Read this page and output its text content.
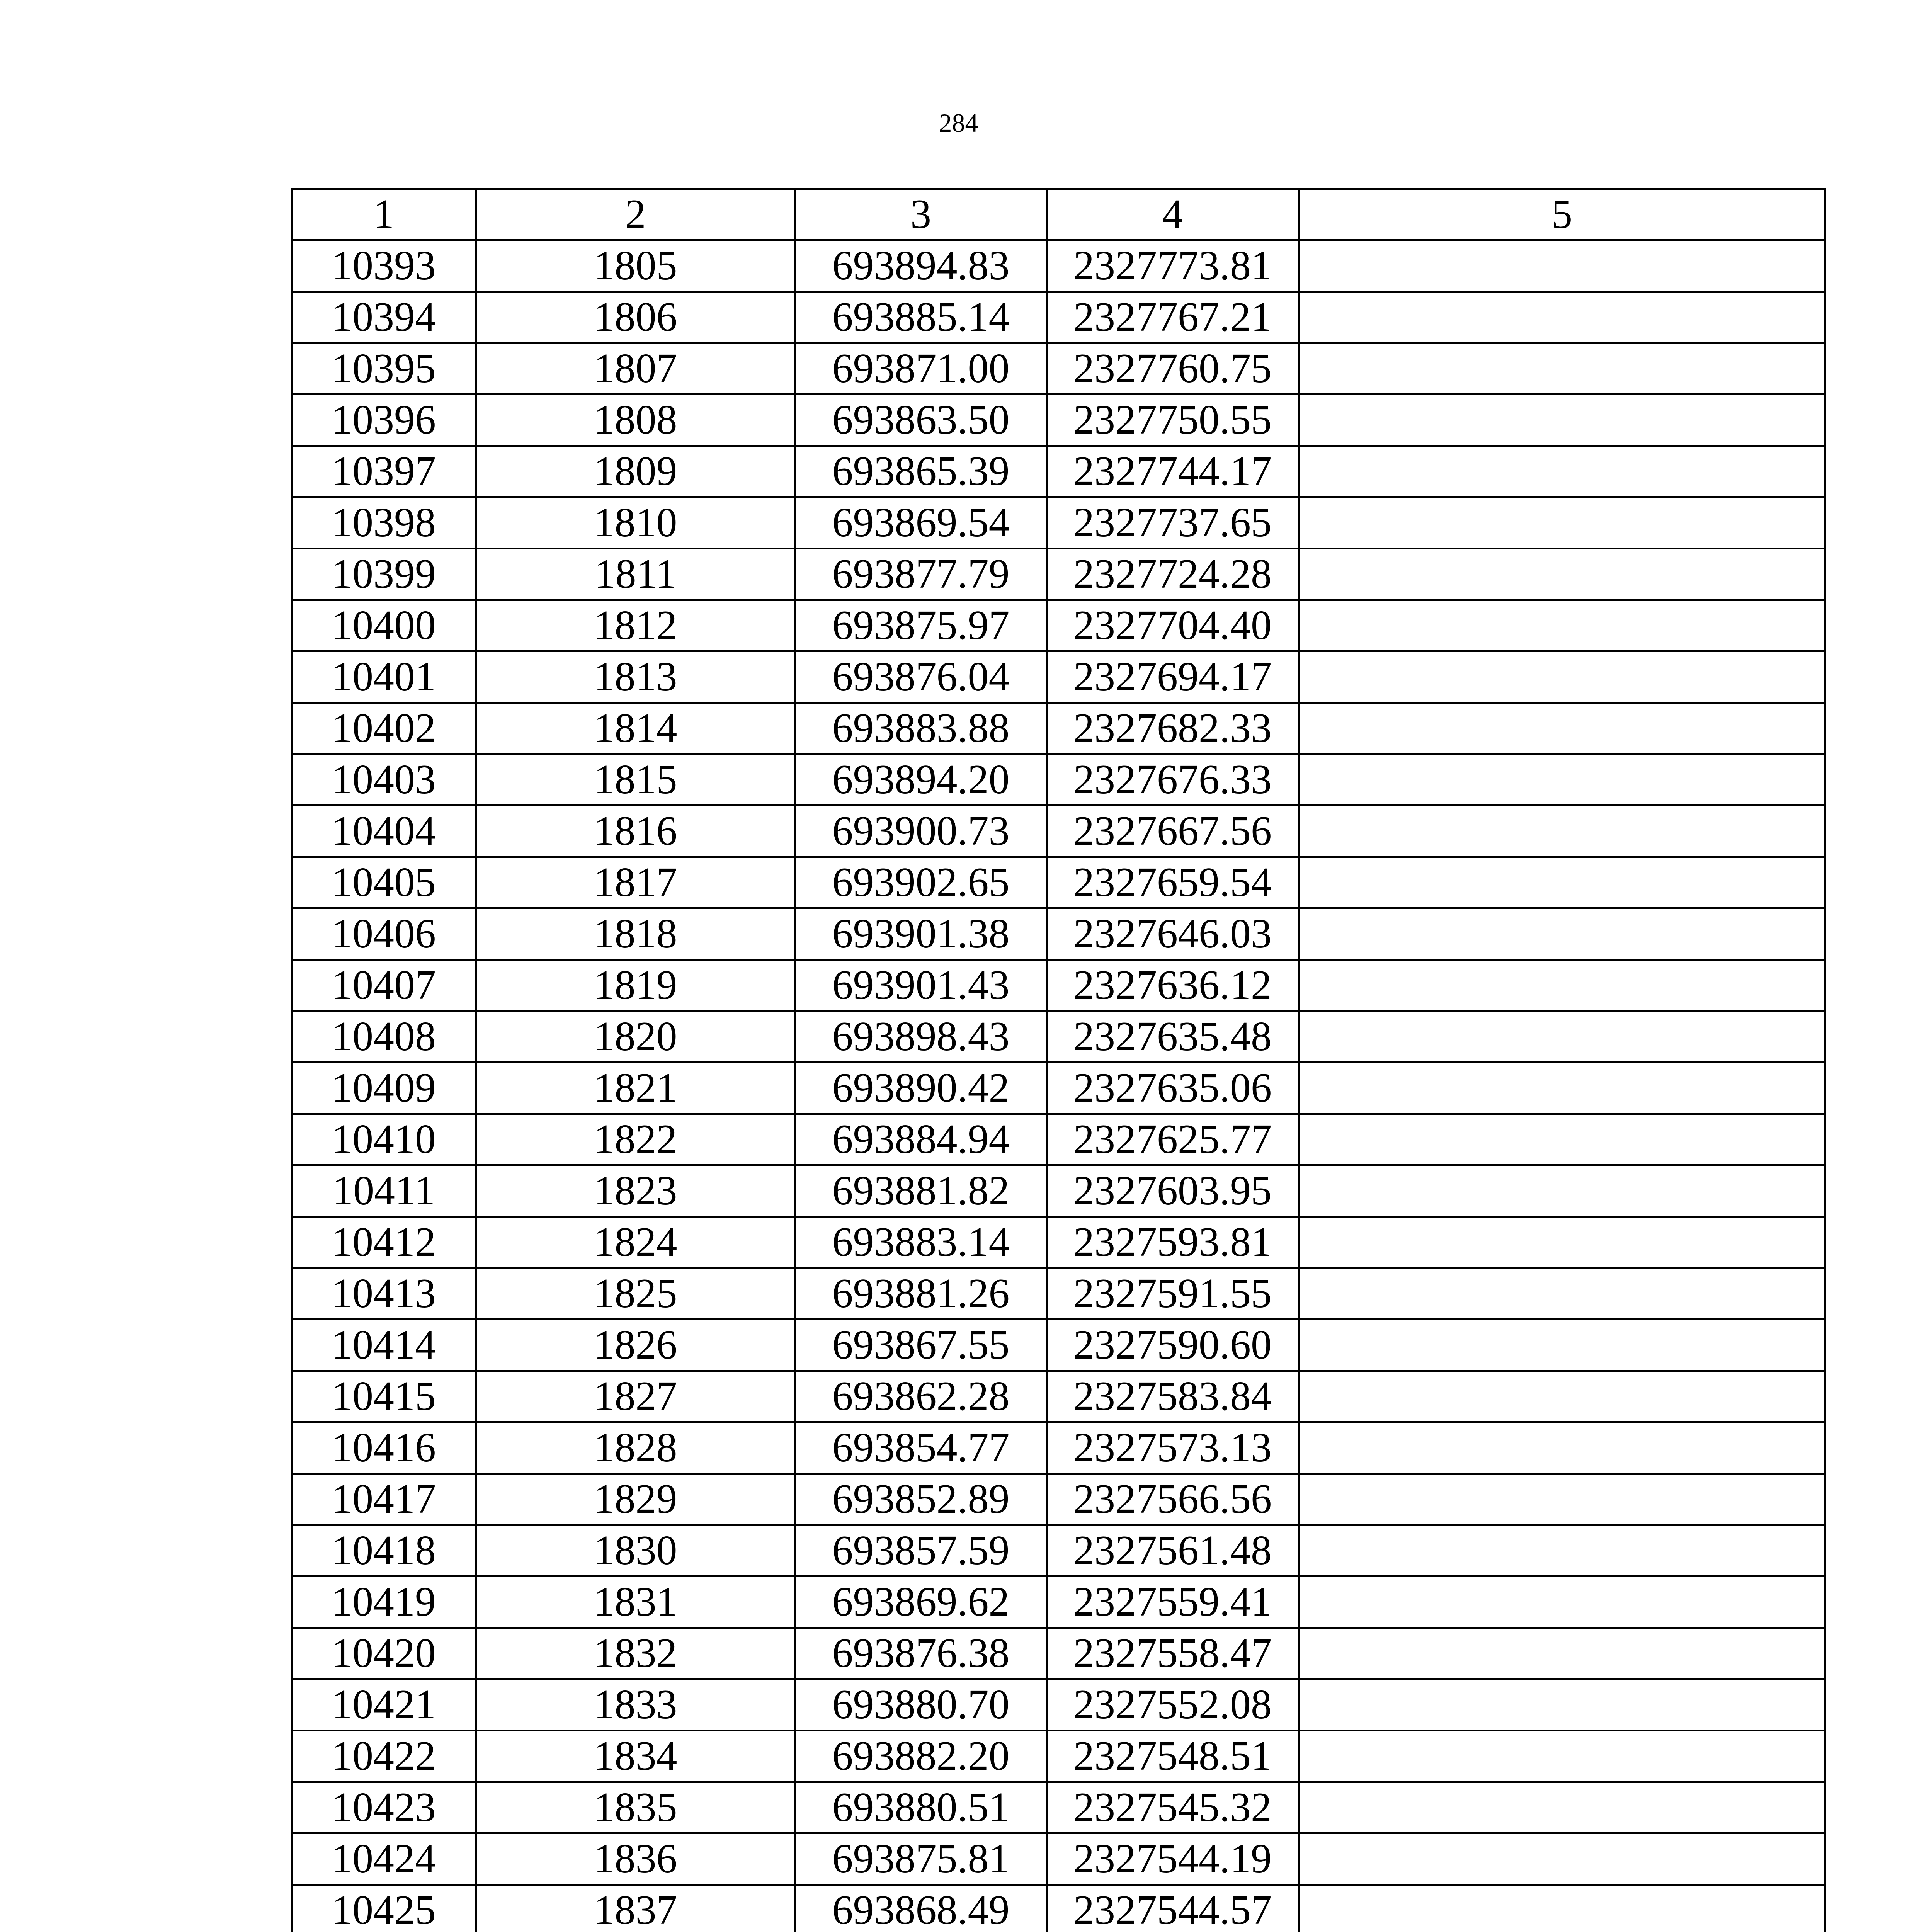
284
1	2	3	4	5
10393	1805	693894.83	2327773.81	
10394	1806	693885.14	2327767.21	
10395	1807	693871.00	2327760.75	
10396	1808	693863.50	2327750.55	
10397	1809	693865.39	2327744.17	
10398	1810	693869.54	2327737.65	
10399	1811	693877.79	2327724.28	
10400	1812	693875.97	2327704.40	
10401	1813	693876.04	2327694.17	
10402	1814	693883.88	2327682.33	
10403	1815	693894.20	2327676.33	
10404	1816	693900.73	2327667.56	
10405	1817	693902.65	2327659.54	
10406	1818	693901.38	2327646.03	
10407	1819	693901.43	2327636.12	
10408	1820	693898.43	2327635.48	
10409	1821	693890.42	2327635.06	
10410	1822	693884.94	2327625.77	
10411	1823	693881.82	2327603.95	
10412	1824	693883.14	2327593.81	
10413	1825	693881.26	2327591.55	
10414	1826	693867.55	2327590.60	
10415	1827	693862.28	2327583.84	
10416	1828	693854.77	2327573.13	
10417	1829	693852.89	2327566.56	
10418	1830	693857.59	2327561.48	
10419	1831	693869.62	2327559.41	
10420	1832	693876.38	2327558.47	
10421	1833	693880.70	2327552.08	
10422	1834	693882.20	2327548.51	
10423	1835	693880.51	2327545.32	
10424	1836	693875.81	2327544.19	
10425	1837	693868.49	2327544.57	
